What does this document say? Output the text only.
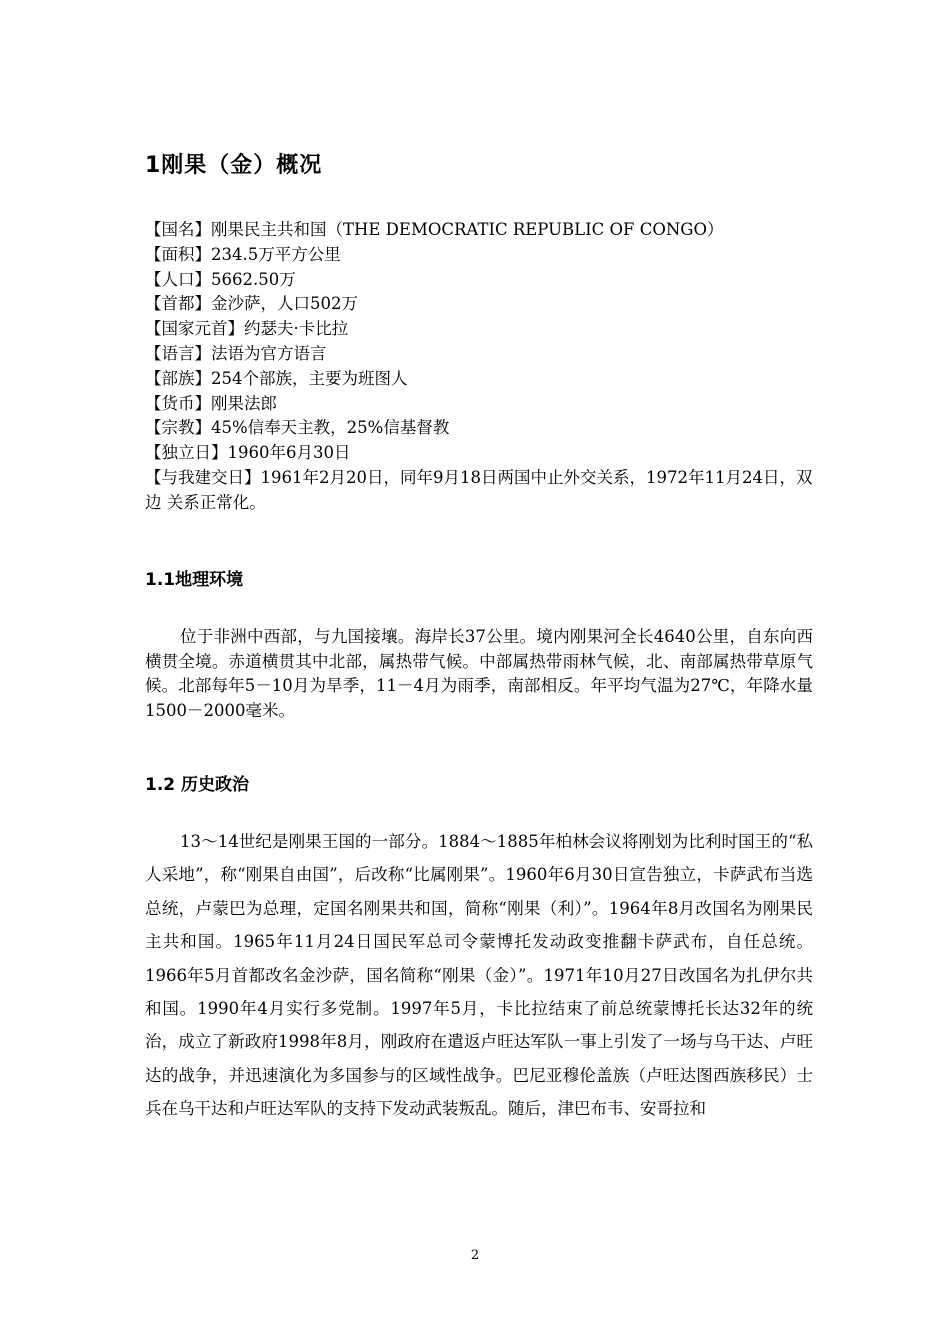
1刚果（金）概况
【国名】刚果民主共和国（THE DEMOCRATIC REPUBLIC OF CONGO）
【面积】234.5万平方公里
【人口】5662.50万
【首都】金沙萨，人口502万
【国家元首】约瑟夫·卡比拉
【语言】法语为官方语言
【部族】254个部族，主要为班图人
【货币】刚果法郎
【宗教】45%信奉天主教，25%信基督教
【独立日】1960年6月30日
【与我建交日】1961年2月20日，同年9月18日两国中止外交关系，1972年11月24日，双边 关系正常化。
1.1地理环境
位于非洲中西部，与九国接壤。海岸长37公里。境内刚果河全长4640公里，自东向西横贯全境。赤道横贯其中北部，属热带气候。中部属热带雨林气候，北、南部属热带草原气候。北部每年5－10月为旱季，11－4月为雨季，南部相反。年平均气温为27℃，年降水量1500－2000毫米。
1.2 历史政治
13～14世纪是刚果王国的一部分。1884～1885年柏林会议将刚划为比利时国王的“私人采地”，称“刚果自由国”，后改称“比属刚果”。1960年6月30日宣告独立，卡萨武布当选总统，卢蒙巴为总理，定国名刚果共和国，简称“刚果（利）”。1964年8月改国名为刚果民主共和国。1965年11月24日国民军总司令蒙博托发动政变推翻卡萨武布，自任总统。1966年5月首都改名金沙萨，国名简称“刚果（金）”。1971年10月27日改国名为扎伊尔共和国。1990年4月实行多党制。1997年5月，卡比拉结束了前总统蒙博托长达32年的统治，成立了新政府1998年8月，刚政府在遣返卢旺达军队一事上引发了一场与乌干达、卢旺达的战争，并迅速演化为多国参与的区域性战争。巴尼亚穆伦盖族（卢旺达图西族移民）士兵在乌干达和卢旺达军队的支持下发动武装叛乱。随后，津巴布韦、安哥拉和
2
